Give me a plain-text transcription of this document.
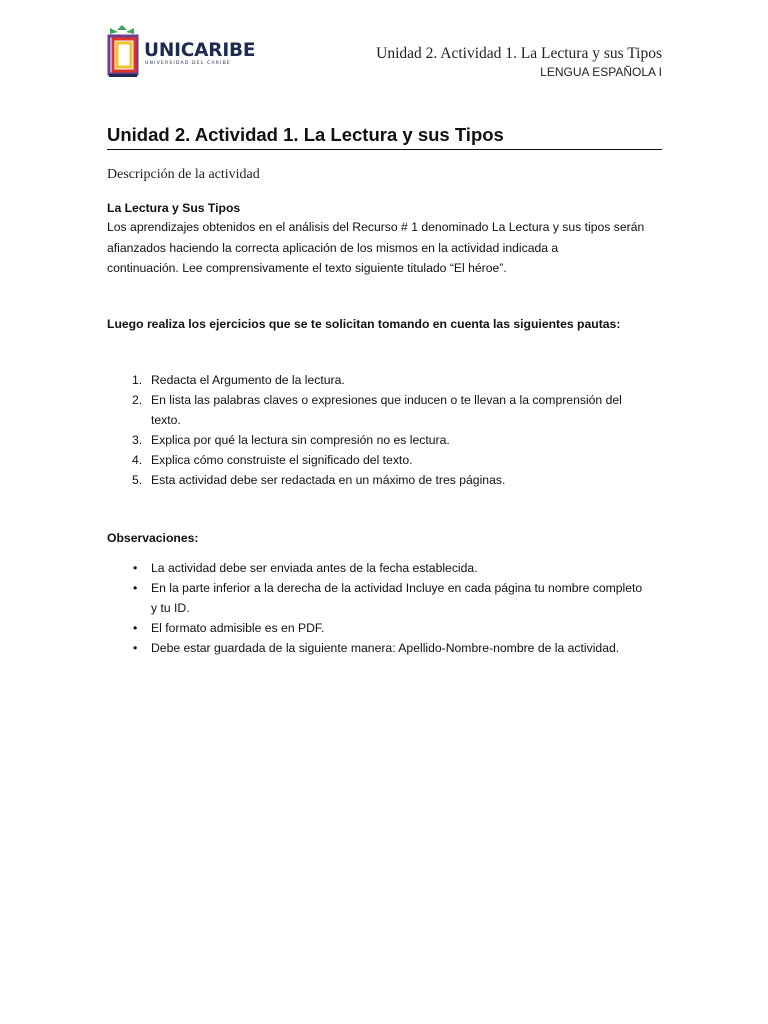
UNICARIBE
UNIVERSIDAD DEL CARIBE
Unidad 2. Actividad 1. La Lectura y sus Tipos
LENGUA ESPAÑOLA I
Unidad 2. Actividad 1. La Lectura y sus Tipos

Descripción de la actividad

La Lectura y Sus Tipos

Los aprendizajes obtenidos en el análisis del Recurso # 1 denominado La Lectura y sus tipos serán
afianzados haciendo la correcta aplicación de los mismos en la actividad indicada a
continuación. Lee comprensivamente el texto siguiente titulado “El héroe”.

Luego realiza los ejercicios que se te solicitan tomando en cuenta las siguientes pautas:

1. Redacta el Argumento de la lectura.
2. En lista las palabras claves o expresiones que inducen o te llevan a la comprensión del
texto.
3. Explica por qué la lectura sin compresión no es lectura.
4. Explica cómo construiste el significado del texto.
5. Esta actividad debe ser redactada en un máximo de tres páginas.

Observaciones:

• La actividad debe ser enviada antes de la fecha establecida.
• En la parte inferior a la derecha de la actividad Incluye en cada página tu nombre completo
y tu ID.
• El formato admisible es en PDF.
• Debe estar guardada de la siguiente manera: Apellido-Nombre-nombre de la actividad.
